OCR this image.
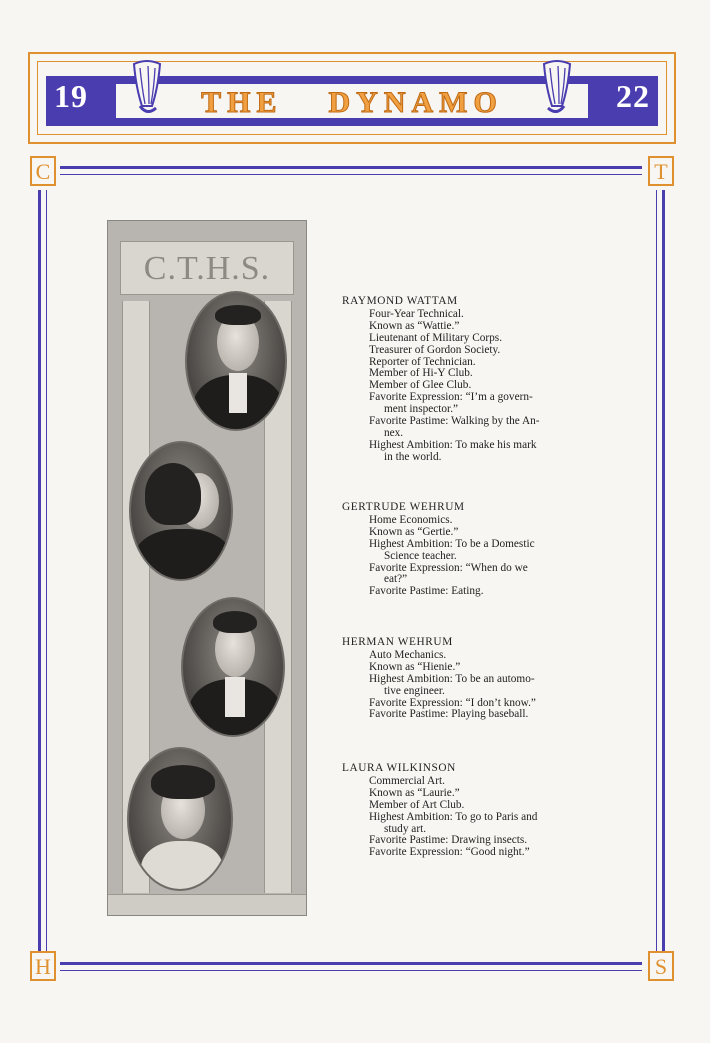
19	THE DYNAMO	22
C	T
H	S
C.T.H.S.
RAYMOND WATTAM
Four-Year Technical.
Known as “Wattie.”
Lieutenant of Military Corps.
Treasurer of Gordon Society.
Reporter of Technician.
Member of Hi-Y Club.
Member of Glee Club.
Favorite Expression: “I’m a govern-
ment inspector.”
Favorite Pastime: Walking by the An-
nex.
Highest Ambition: To make his mark
in the world.
GERTRUDE WEHRUM
Home Economics.
Known as “Gertie.”
Highest Ambition: To be a Domestic
Science teacher.
Favorite Expression: “When do we
eat?”
Favorite Pastime: Eating.
HERMAN WEHRUM
Auto Mechanics.
Known as “Hienie.”
Highest Ambition: To be an automo-
tive engineer.
Favorite Expression: “I don’t know.”
Favorite Pastime: Playing baseball.
LAURA WILKINSON
Commercial Art.
Known as “Laurie.”
Member of Art Club.
Highest Ambition: To go to Paris and
study art.
Favorite Pastime: Drawing insects.
Favorite Expression: “Good night.”
